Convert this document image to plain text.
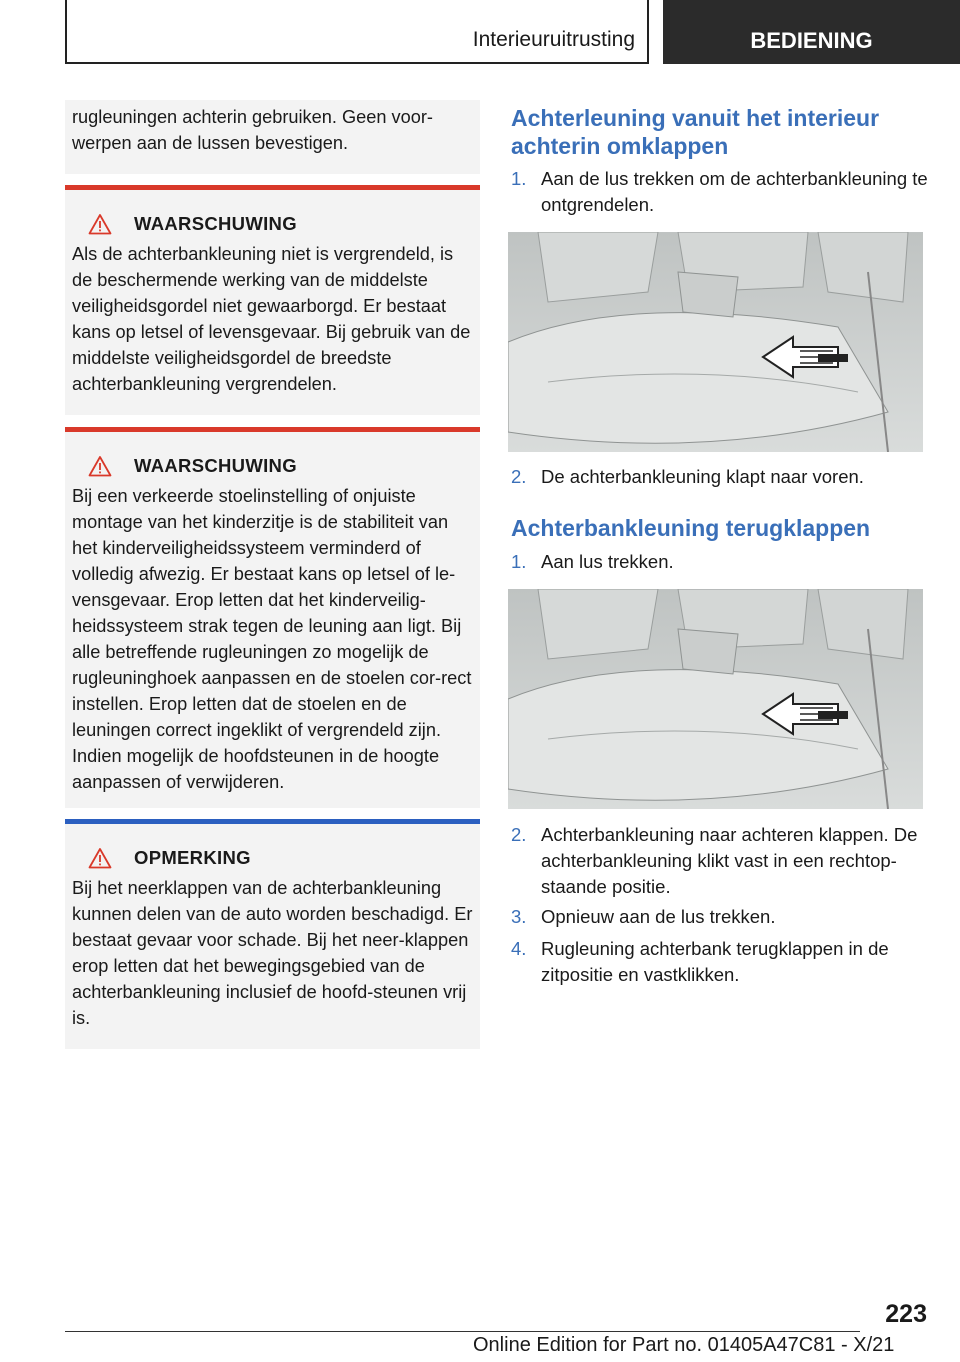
Interieuruitrusting	BEDIENING

rugleuningen achterin gebruiken. Geen voor-werpen aan de lussen bevestigen.

WAARSCHUWING

Als de achterbankleuning niet is vergrendeld, is de beschermende werking van de middelste veiligheidsgordel niet gewaarborgd. Er bestaat kans op letsel of levensgevaar. Bij gebruik van de middelste veiligheidsgordel de breedste achterbankleuning vergrendelen.

WAARSCHUWING

Bij een verkeerde stoelinstelling of onjuiste montage van het kinderzitje is de stabiliteit van het kinderveiligheidssysteem verminderd of volledig afwezig. Er bestaat kans op letsel of le-vensgevaar. Erop letten dat het kinderveilig-heidssysteem strak tegen de leuning aan ligt. Bij alle betreffende rugleuningen zo mogelijk de rugleuninghoek aanpassen en de stoelen cor-rect instellen. Erop letten dat de stoelen en de leuningen correct ingeklikt of vergrendeld zijn. Indien mogelijk de hoofdsteunen in de hoogte aanpassen of verwijderen.

OPMERKING

Bij het neerklappen van de achterbankleuning kunnen delen van de auto worden beschadigd. Er bestaat gevaar voor schade. Bij het neer-klappen erop letten dat het bewegingsgebied van de achterbankleuning inclusief de hoofd-steunen vrij is.

Achterleuning vanuit het interieur achterin omklappen
1. Aan de lus trekken om de achterbankleuning te ontgrendelen.
2. De achterbankleuning klapt naar voren.
Achterbankleuning terugklappen
1. Aan lus trekken.
2. Achterbankleuning naar achteren klappen. De achterbankleuning klikt vast in een rechtop-staande positie.
3. Opnieuw aan de lus trekken.
4. Rugleuning achterbank terugklappen in de zitpositie en vastklikken.
223
Online Edition for Part no. 01405A47C81 - X/21
